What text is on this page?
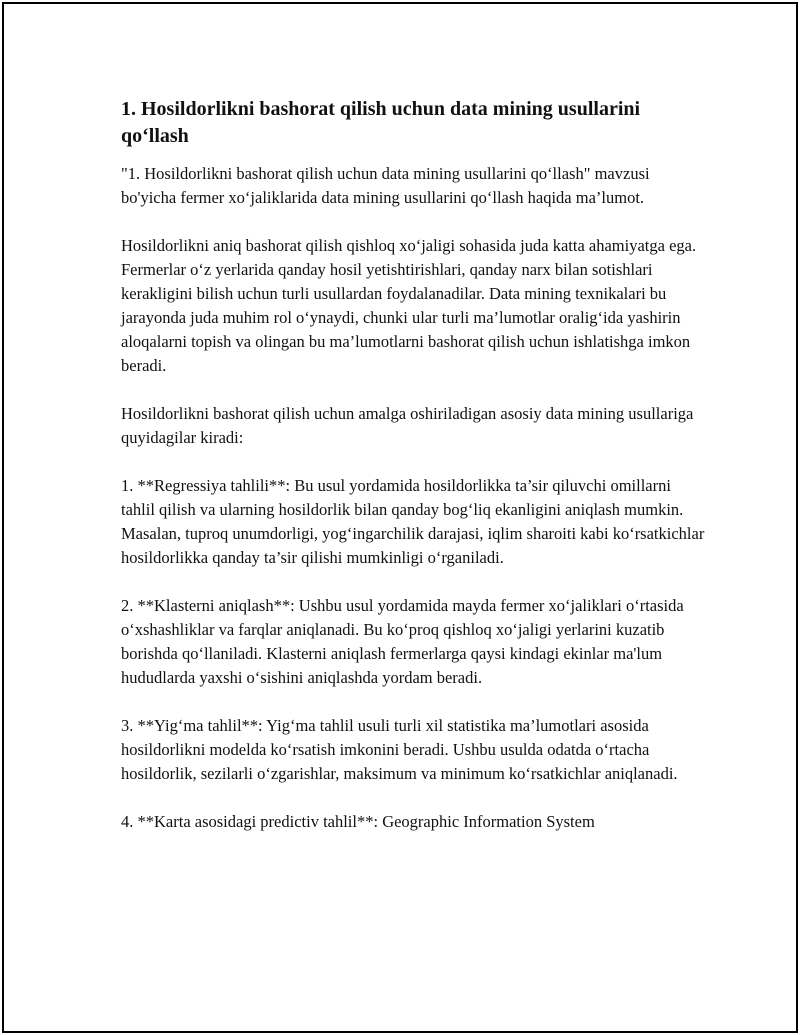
1. Hosildorlikni bashorat qilish uchun data mining usullarini qo‘llash

"1. Hosildorlikni bashorat qilish uchun data mining usullarini qo‘llash" mavzusi bo'yicha fermer xo‘jaliklarida data mining usullarini qo‘llash haqida ma’lumot.

Hosildorlikni aniq bashorat qilish qishloq xo‘jaligi sohasida juda katta ahamiyatga ega. Fermerlar o‘z yerlarida qanday hosil yetishtirishlari, qanday narx bilan sotishlari kerakligini bilish uchun turli usullardan foydalanadilar. Data mining texnikalari bu jarayonda juda muhim rol o‘ynaydi, chunki ular turli ma’lumotlar oralig‘ida yashirin aloqalarni topish va olingan bu ma’lumotlarni bashorat qilish uchun ishlatishga imkon beradi.

Hosildorlikni bashorat qilish uchun amalga oshiriladigan asosiy data mining usullariga quyidagilar kiradi:

1. **Regressiya tahlili**: Bu usul yordamida hosildorlikka ta’sir qiluvchi omillarni tahlil qilish va ularning hosildorlik bilan qanday bog‘liq ekanligini aniqlash mumkin. Masalan, tuproq unumdorligi, yog‘ingarchilik darajasi, iqlim sharoiti kabi ko‘rsatkichlar hosildorlikka qanday ta’sir qilishi mumkinligi o‘rganiladi.

2. **Klasterni aniqlash**: Ushbu usul yordamida mayda fermer xo‘jaliklari o‘rtasida o‘xshashliklar va farqlar aniqlanadi. Bu ko‘proq qishloq xo‘jaligi yerlarini kuzatib borishda qo‘llaniladi. Klasterni aniqlash fermerlarga qaysi kindagi ekinlar ma'lum hududlarda yaxshi o‘sishini aniqlashda yordam beradi.

3. **Yig‘ma tahlil**: Yig‘ma tahlil usuli turli xil statistika ma’lumotlari asosida hosildorlikni modelda ko‘rsatish imkonini beradi. Ushbu usulda odatda o‘rtacha hosildorlik, sezilarli o‘zgarishlar, maksimum va minimum ko‘rsatkichlar aniqlanadi.

4. **Karta asosidagi predictiv tahlil**: Geographic Information System
